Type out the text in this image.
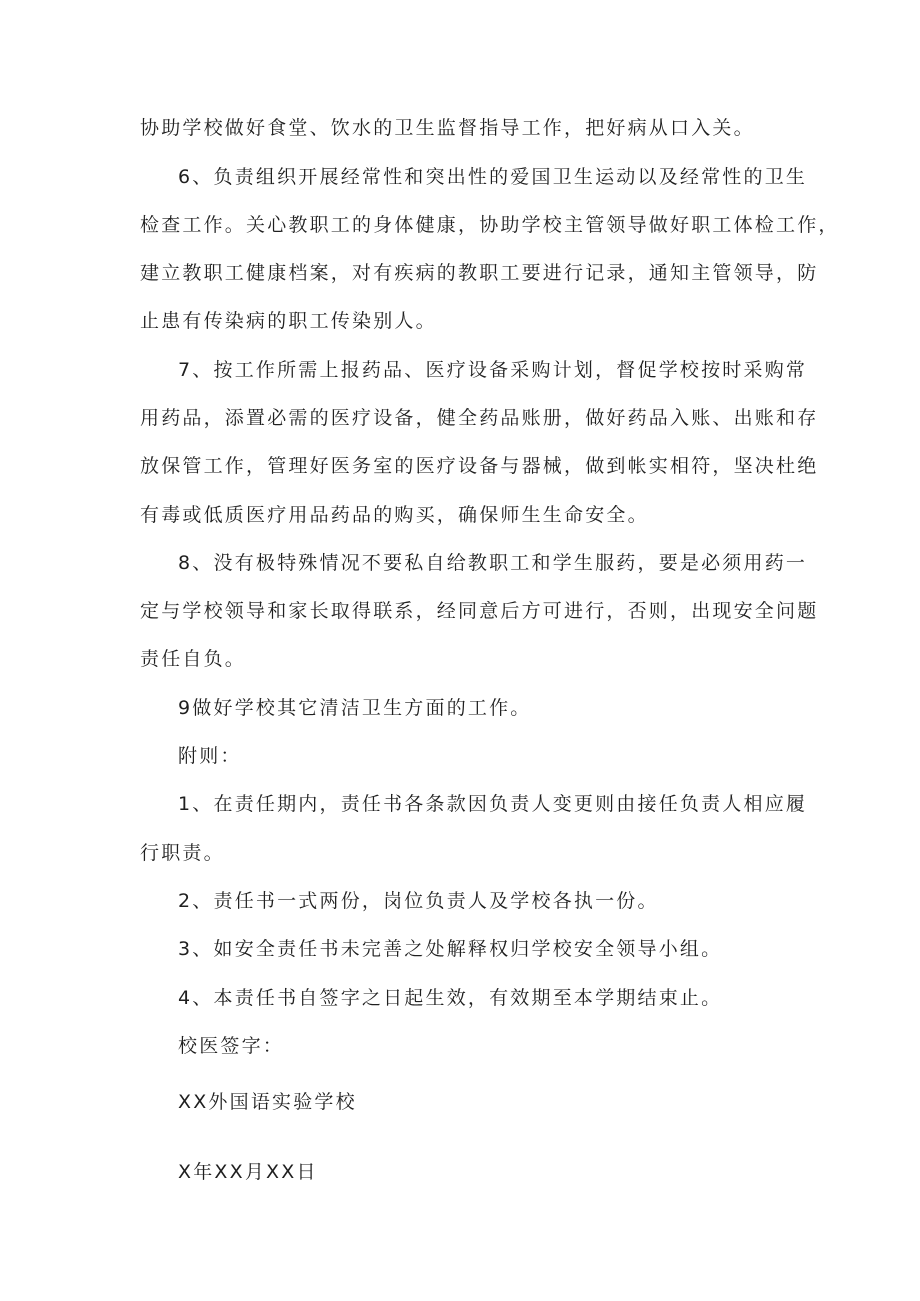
协助学校做好食堂、饮水的卫生监督指导工作，把好病从口入关。
6、负责组织开展经常性和突出性的爱国卫生运动以及经常性的卫生
检查工作。关心教职工的身体健康，协助学校主管领导做好职工体检工作，
建立教职工健康档案，对有疾病的教职工要进行记录，通知主管领导，防
止患有传染病的职工传染别人。
7、按工作所需上报药品、医疗设备采购计划，督促学校按时采购常
用药品，添置必需的医疗设备，健全药品账册，做好药品入账、出账和存
放保管工作，管理好医务室的医疗设备与器械，做到帐实相符，坚决杜绝
有毒或低质医疗用品药品的购买，确保师生生命安全。
8、没有极特殊情况不要私自给教职工和学生服药，要是必须用药一
定与学校领导和家长取得联系，经同意后方可进行，否则，出现安全问题
责任自负。
9做好学校其它清洁卫生方面的工作。
附则：
1、在责任期内，责任书各条款因负责人变更则由接任负责人相应履
行职责。
2、责任书一式两份，岗位负责人及学校各执一份。
3、如安全责任书未完善之处解释权归学校安全领导小组。
4、本责任书自签字之日起生效，有效期至本学期结束止。
校医签字：
XX外国语实验学校
X年XX月XX日
